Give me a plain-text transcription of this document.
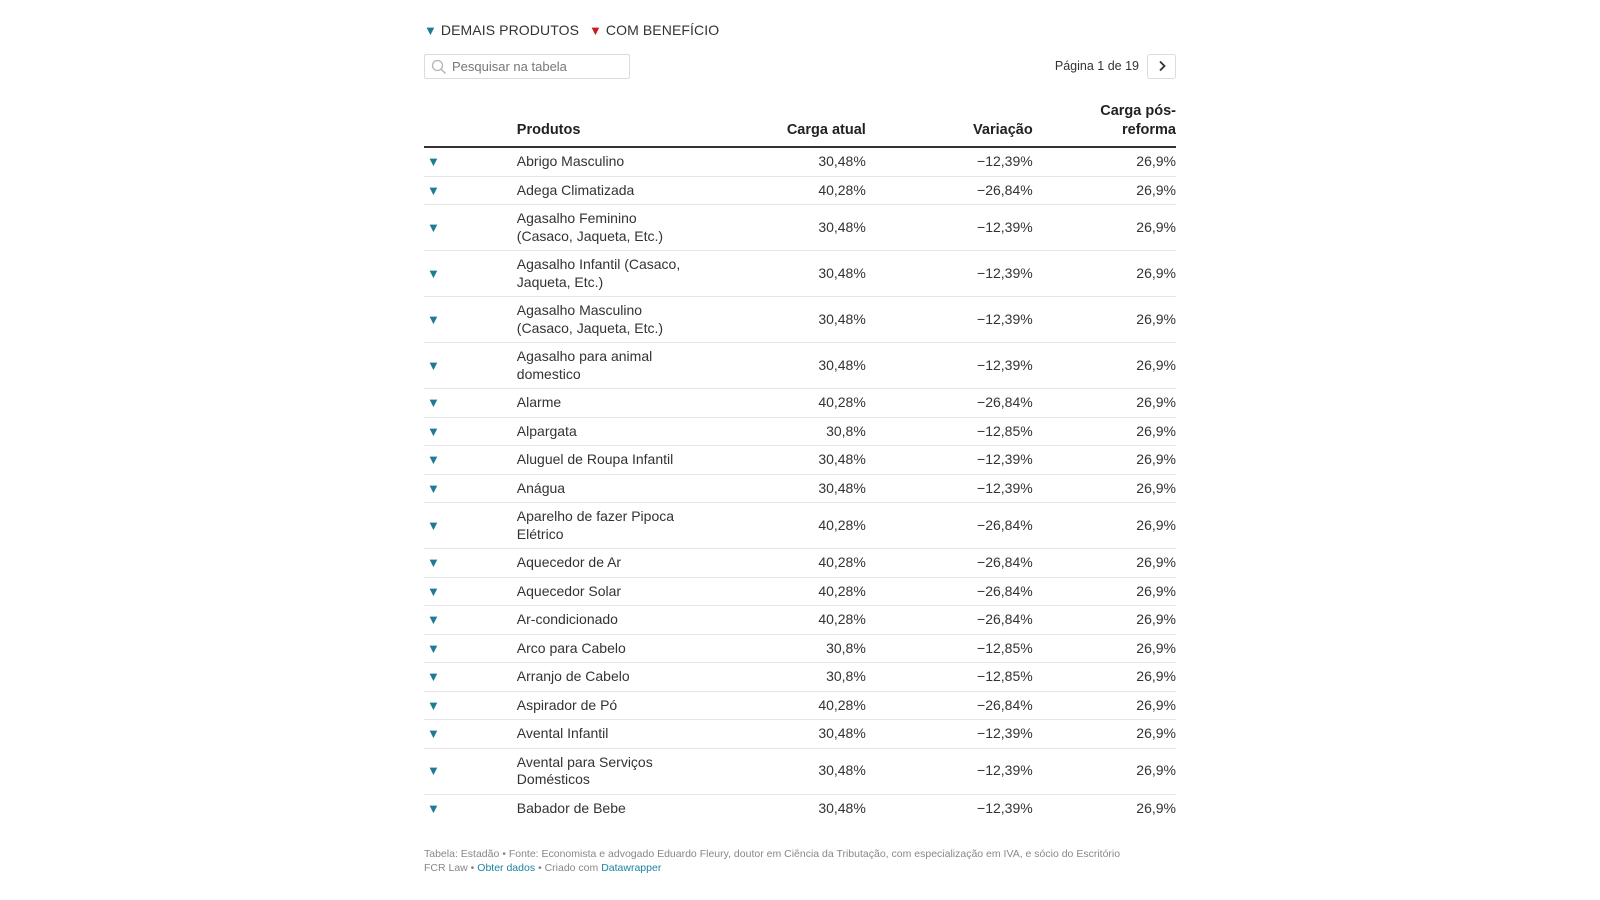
▼ DEMAIS PRODUTOS ▼ COM BENEFÍCIO
Pesquisar na tabela
Página 1 de 19
	Produtos	Carga atual	Variação	Carga pós-reforma
▼	Abrigo Masculino	30,48%	−12,39%	26,9%
▼	Adega Climatizada	40,28%	−26,84%	26,9%
▼	Agasalho Feminino (Casaco, Jaqueta, Etc.)	30,48%	−12,39%	26,9%
▼	Agasalho Infantil (Casaco, Jaqueta, Etc.)	30,48%	−12,39%	26,9%
▼	Agasalho Masculino (Casaco, Jaqueta, Etc.)	30,48%	−12,39%	26,9%
▼	Agasalho para animal domestico	30,48%	−12,39%	26,9%
▼	Alarme	40,28%	−26,84%	26,9%
▼	Alpargata	30,8%	−12,85%	26,9%
▼	Aluguel de Roupa Infantil	30,48%	−12,39%	26,9%
▼	Anágua	30,48%	−12,39%	26,9%
▼	Aparelho de fazer Pipoca Elétrico	40,28%	−26,84%	26,9%
▼	Aquecedor de Ar	40,28%	−26,84%	26,9%
▼	Aquecedor Solar	40,28%	−26,84%	26,9%
▼	Ar-condicionado	40,28%	−26,84%	26,9%
▼	Arco para Cabelo	30,8%	−12,85%	26,9%
▼	Arranjo de Cabelo	30,8%	−12,85%	26,9%
▼	Aspirador de Pó	40,28%	−26,84%	26,9%
▼	Avental Infantil	30,48%	−12,39%	26,9%
▼	Avental para Serviços Domésticos	30,48%	−12,39%	26,9%
▼	Babador de Bebe	30,48%	−12,39%	26,9%
Tabela: Estadão • Fonte: Economista e advogado Eduardo Fleury, doutor em Ciência da Tributação, com especialização em IVA, e sócio do Escritório
FCR Law • Obter dados • Criado com Datawrapper
